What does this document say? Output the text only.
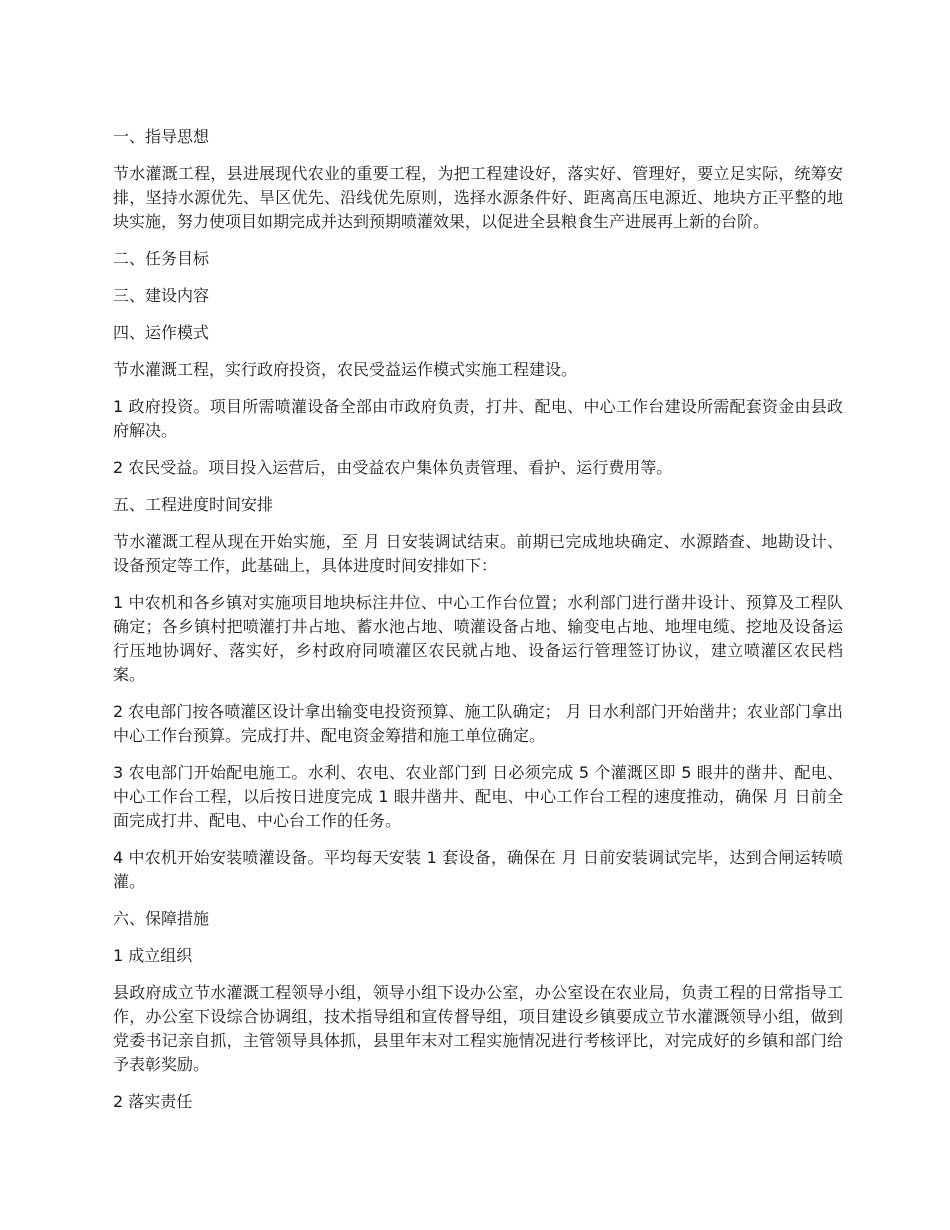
一、指导思想

节水灌溉工程，县进展现代农业的重要工程，为把工程建设好，落实好、管理好，要立足实际，统筹安排，坚持水源优先、旱区优先、沿线优先原则，选择水源条件好、距离高压电源近、地块方正平整的地块实施，努力使项目如期完成并达到预期喷灌效果，以促进全县粮食生产进展再上新的台阶。

二、任务目标

三、建设内容

四、运作模式

节水灌溉工程，实行政府投资，农民受益运作模式实施工程建设。

1 政府投资。项目所需喷灌设备全部由市政府负责，打井、配电、中心工作台建设所需配套资金由县政府解决。

2 农民受益。项目投入运营后，由受益农户集体负责管理、看护、运行费用等。

五、工程进度时间安排

节水灌溉工程从现在开始实施，至 月 日安装调试结束。前期已完成地块确定、水源踏查、地勘设计、设备预定等工作，此基础上，具体进度时间安排如下：

1 中农机和各乡镇对实施项目地块标注井位、中心工作台位置；水利部门进行凿井设计、预算及工程队确定；各乡镇村把喷灌打井占地、蓄水池占地、喷灌设备占地、输变电占地、地埋电缆、挖地及设备运行压地协调好、落实好，乡村政府同喷灌区农民就占地、设备运行管理签订协议，建立喷灌区农民档案。

2 农电部门按各喷灌区设计拿出输变电投资预算、施工队确定； 月 日水利部门开始凿井；农业部门拿出中心工作台预算。完成打井、配电资金筹措和施工单位确定。

3 农电部门开始配电施工。水利、农电、农业部门到 日必须完成 5 个灌溉区即 5 眼井的凿井、配电、中心工作台工程，以后按日进度完成 1 眼井凿井、配电、中心工作台工程的速度推动，确保 月 日前全面完成打井、配电、中心台工作的任务。

4 中农机开始安装喷灌设备。平均每天安装 1 套设备，确保在 月 日前安装调试完毕，达到合闸运转喷灌。

六、保障措施

1 成立组织

县政府成立节水灌溉工程领导小组，领导小组下设办公室，办公室设在农业局，负责工程的日常指导工作，办公室下设综合协调组，技术指导组和宣传督导组，项目建设乡镇要成立节水灌溉领导小组，做到党委书记亲自抓，主管领导具体抓，县里年末对工程实施情况进行考核评比，对完成好的乡镇和部门给予表彰奖励。

2 落实责任
